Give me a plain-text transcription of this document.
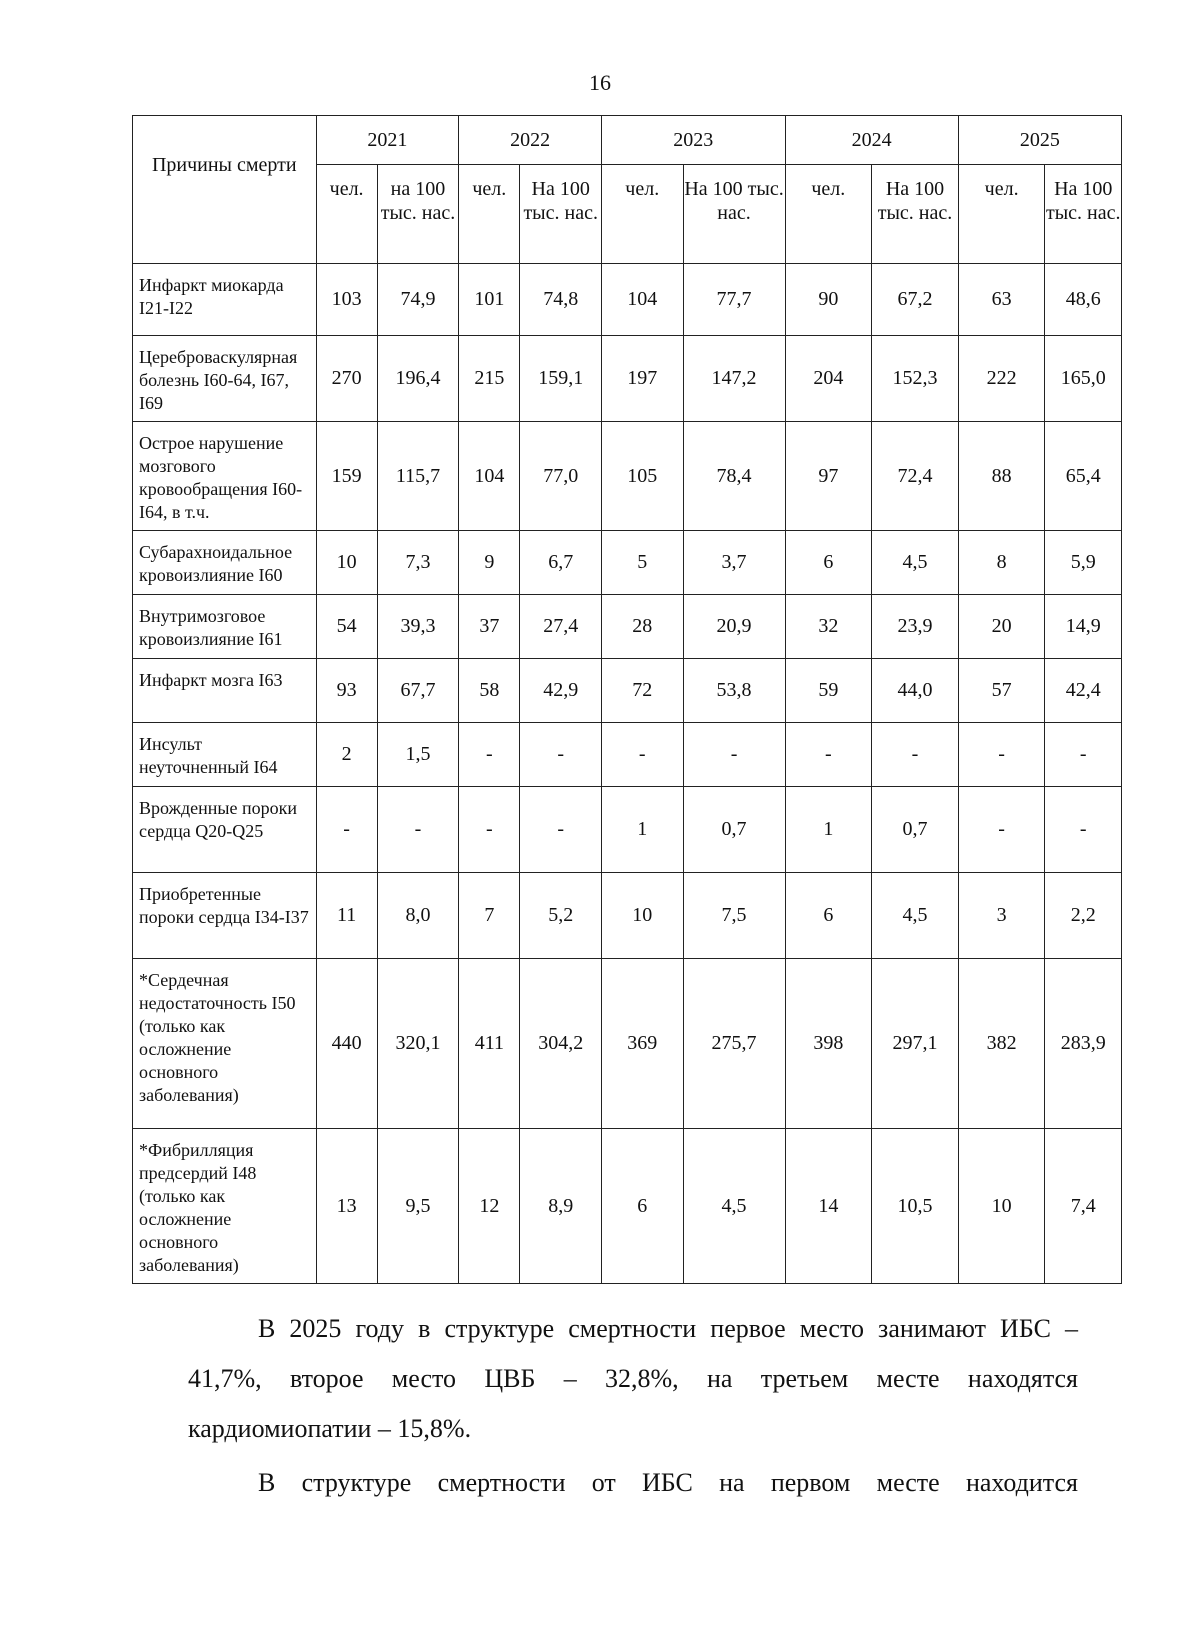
16
Причины смерти	2021		2022		2023		2024		2025	
	чел.	на 100 тыс. нас.	чел.	На 100 тыс. нас.	чел.	На 100 тыс. нас.	чел.	На 100 тыс. нас.	чел.	На 100 тыс. нас.
Инфаркт миокарда I21-I22	103	74,9	101	74,8	104	77,7	90	67,2	63	48,6
Цереброваскулярная болезнь I60-64, I67, I69	270	196,4	215	159,1	197	147,2	204	152,3	222	165,0
Острое нарушение мозгового кровообращения I60-I64, в т.ч.	159	115,7	104	77,0	105	78,4	97	72,4	88	65,4
Субарахноидальное кровоизлияние I60	10	7,3	9	6,7	5	3,7	6	4,5	8	5,9
Внутримозговое кровоизлияние I61	54	39,3	37	27,4	28	20,9	32	23,9	20	14,9
Инфаркт мозга I63	93	67,7	58	42,9	72	53,8	59	44,0	57	42,4
Инсульт неуточненный I64	2	1,5	-	-	-	-	-	-	-	-
Врожденные пороки сердца Q20-Q25	-	-	-	-	1	0,7	1	0,7	-	-
Приобретенные пороки сердца I34-I37	11	8,0	7	5,2	10	7,5	6	4,5	3	2,2
*Сердечная недостаточность I50 (только как осложнение основного заболевания)	440	320,1	411	304,2	369	275,7	398	297,1	382	283,9
*Фибрилляция предсердий I48 (только как осложнение основного заболевания)	13	9,5	12	8,9	6	4,5	14	10,5	10	7,4
В 2025 году в структуре смертности первое место занимают ИБС –
41,7%, второе место ЦВБ – 32,8%, на третьем месте находятся
кардиомиопатии – 15,8%.
В структуре смертности от ИБС на первом месте находится
